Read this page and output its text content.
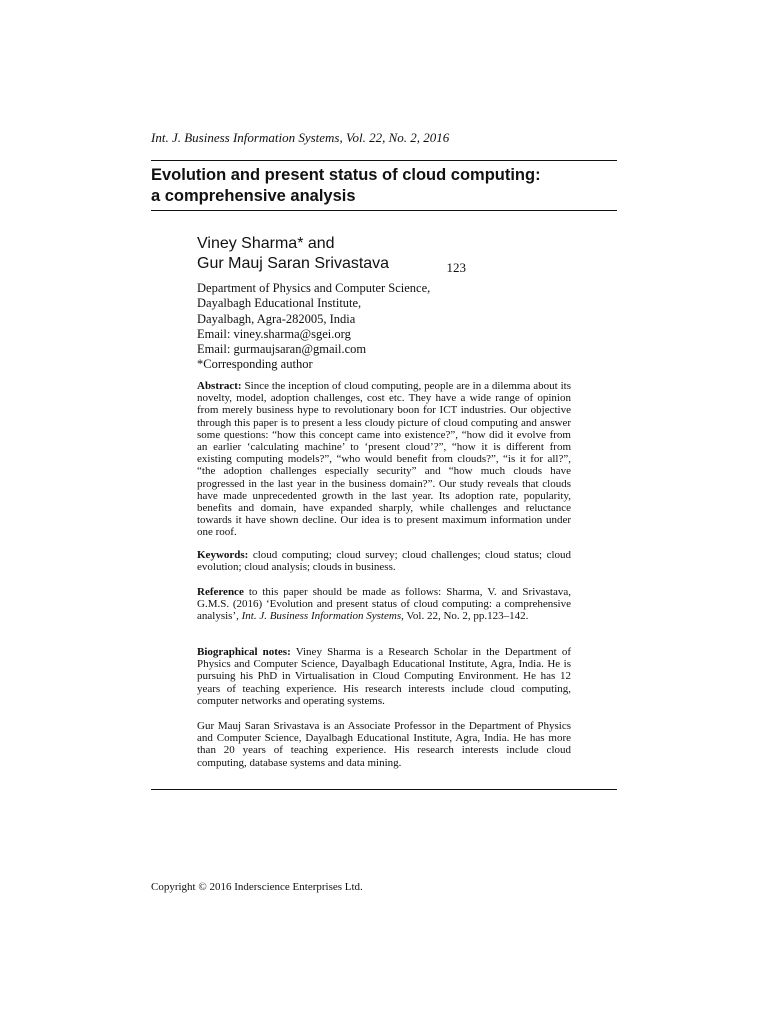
Int. J. Business Information Systems, Vol. 22, No. 2, 2016
123
Evolution and present status of cloud computing:
a comprehensive analysis
Viney Sharma* and
Gur Mauj Saran Srivastava
Department of Physics and Computer Science,
Dayalbagh Educational Institute,
Dayalbagh, Agra-282005, India
Email: viney.sharma@sgei.org
Email: gurmaujsaran@gmail.com
*Corresponding author
Abstract: Since the inception of cloud computing, people are in a dilemma about its novelty, model, adoption challenges, cost etc. They have a wide range of opinion from merely business hype to revolutionary boon for ICT industries. Our objective through this paper is to present a less cloudy picture of cloud computing and answer some questions: “how this concept came into existence?”, “how did it evolve from an earlier ‘calculating machine’ to ‘present cloud’?”, “how it is different from existing computing models?”, “who would benefit from clouds?”, “is it for all?”, “the adoption challenges especially security” and “how much clouds have progressed in the last year in the business domain?”. Our study reveals that clouds have made unprecedented growth in the last year. Its adoption rate, popularity, benefits and domain, have expanded sharply, while challenges and reluctance towards it have shown decline. Our idea is to present maximum information under one roof.
Keywords: cloud computing; cloud survey; cloud challenges; cloud status; cloud evolution; cloud analysis; clouds in business.
Reference to this paper should be made as follows: Sharma, V. and Srivastava, G.M.S. (2016) ‘Evolution and present status of cloud computing: a comprehensive analysis’, Int. J. Business Information Systems, Vol. 22, No. 2, pp.123–142.
Biographical notes: Viney Sharma is a Research Scholar in the Department of Physics and Computer Science, Dayalbagh Educational Institute, Agra, India. He is pursuing his PhD in Virtualisation in Cloud Computing Environment. He has 12 years of teaching experience. His research interests include cloud computing, computer networks and operating systems.
Gur Mauj Saran Srivastava is an Associate Professor in the Department of Physics and Computer Science, Dayalbagh Educational Institute, Agra, India. He has more than 20 years of teaching experience. His research interests include cloud computing, database systems and data mining.
Copyright © 2016 Inderscience Enterprises Ltd.
